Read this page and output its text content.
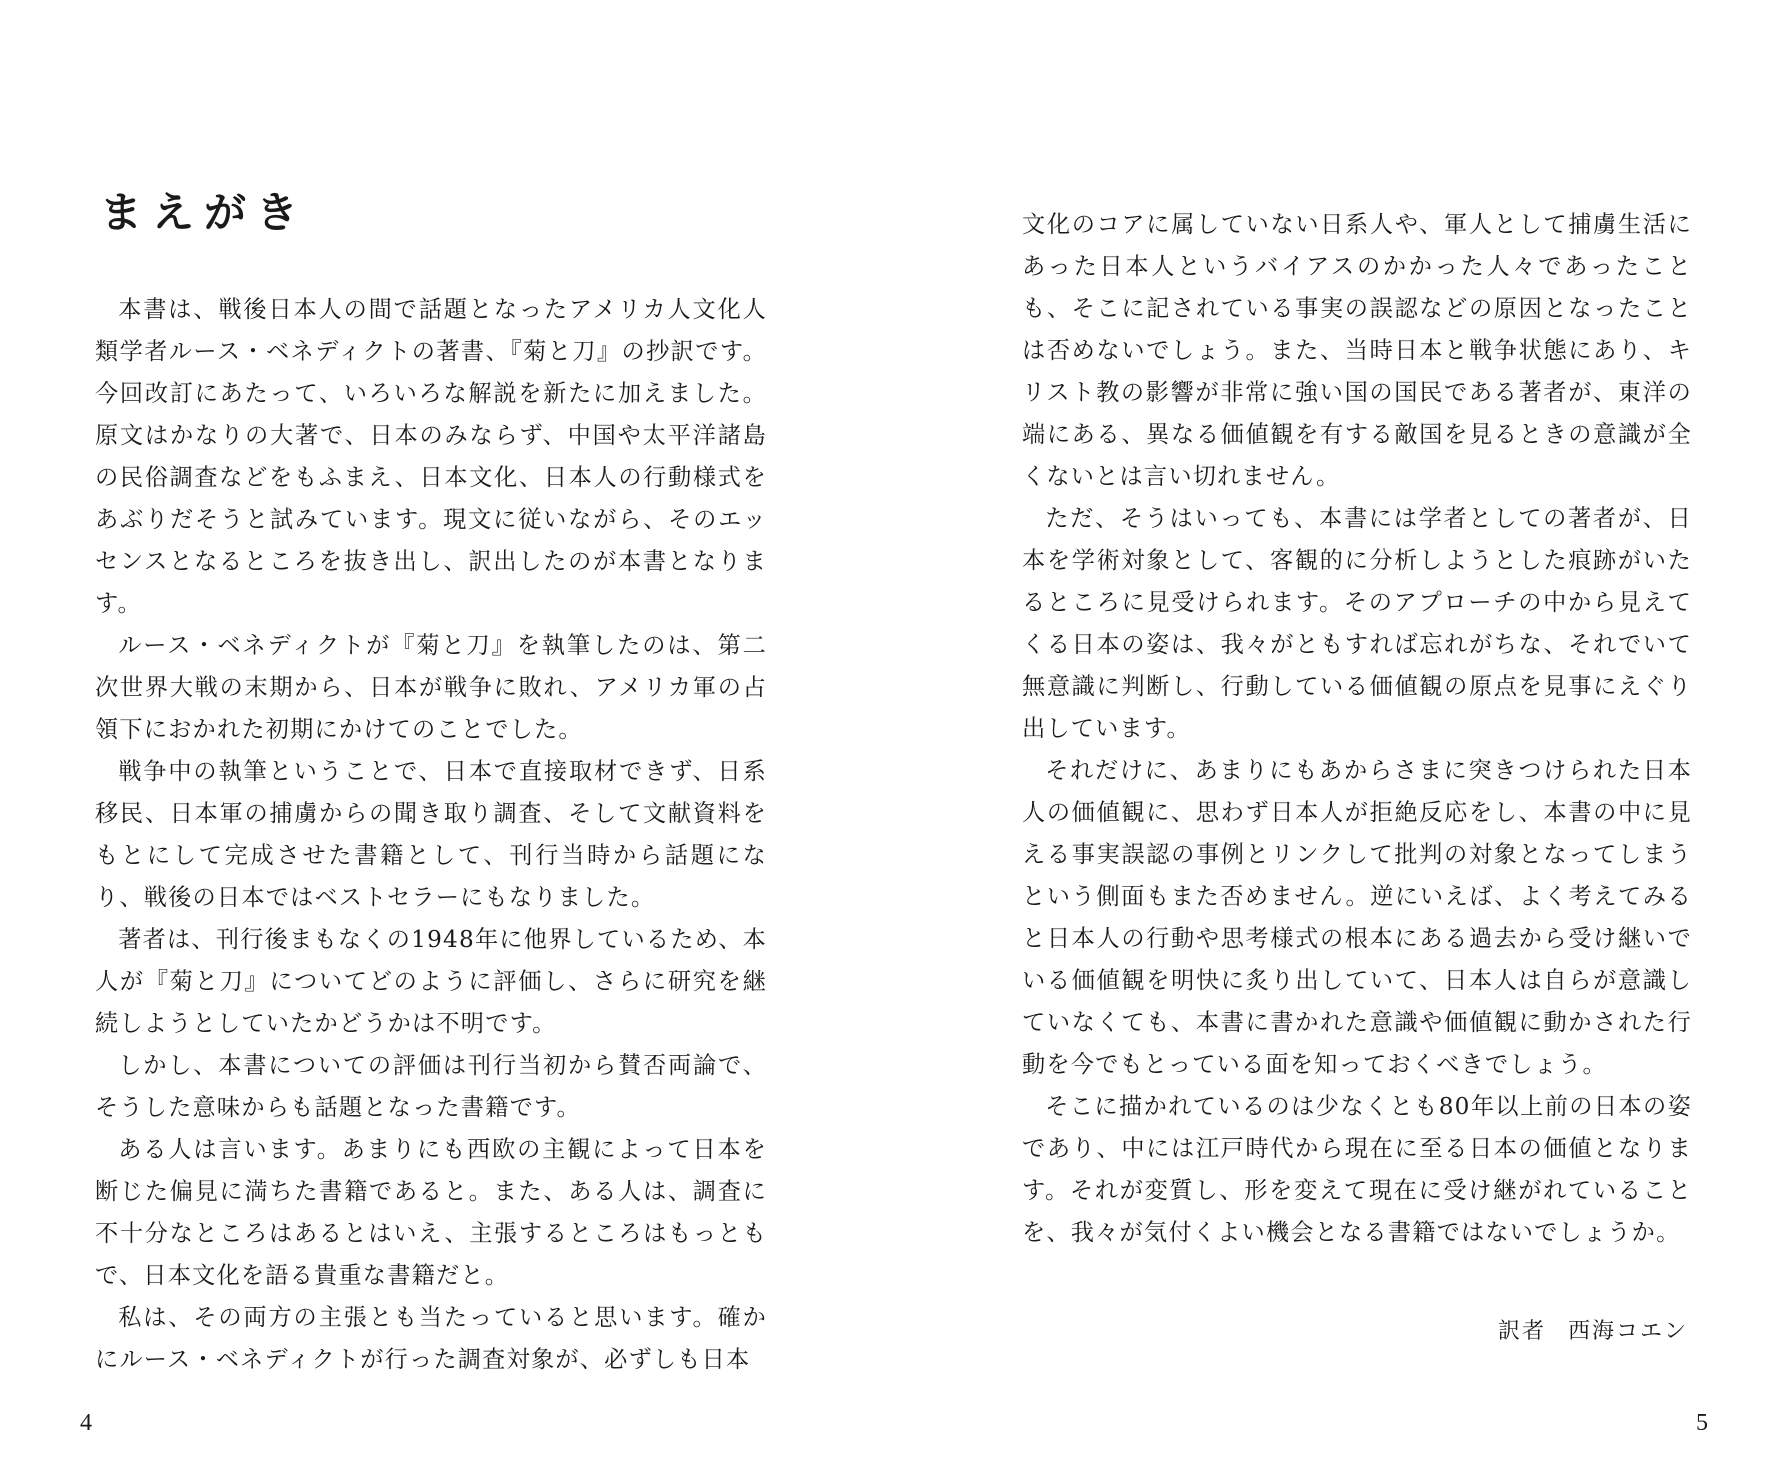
まえがき

本書は、戦後日本人の間で話題となったアメリカ人文化人類学者ルース・ベネディクトの著書、『菊と刀』の抄訳です。今回改訂にあたって、いろいろな解説を新たに加えました。原文はかなりの大著で、日本のみならず、中国や太平洋諸島の民俗調査などをもふまえ、日本文化、日本人の行動様式をあぶりだそうと試みています。現文に従いながら、そのエッセンスとなるところを抜き出し、訳出したのが本書となります。

ルース・ベネディクトが『菊と刀』を執筆したのは、第二次世界大戦の末期から、日本が戦争に敗れ、アメリカ軍の占領下におかれた初期にかけてのことでした。

戦争中の執筆ということで、日本で直接取材できず、日系移民、日本軍の捕虜からの聞き取り調査、そして文献資料をもとにして完成させた書籍として、刊行当時から話題になり、戦後の日本ではベストセラーにもなりました。

著者は、刊行後まもなくの1948年に他界しているため、本人が『菊と刀』についてどのように評価し、さらに研究を継続しようとしていたかどうかは不明です。

しかし、本書についての評価は刊行当初から賛否両論で、そうした意味からも話題となった書籍です。

ある人は言います。あまりにも西欧の主観によって日本を断じた偏見に満ちた書籍であると。また、ある人は、調査に不十分なところはあるとはいえ、主張するところはもっともで、日本文化を語る貴重な書籍だと。

私は、その両方の主張とも当たっていると思います。確かにルース・ベネディクトが行った調査対象が、必ずしも日本

4

文化のコアに属していない日系人や、軍人として捕虜生活にあった日本人というバイアスのかかった人々であったことも、そこに記されている事実の誤認などの原因となったことは否めないでしょう。また、当時日本と戦争状態にあり、キリスト教の影響が非常に強い国の国民である著者が、東洋の端にある、異なる価値観を有する敵国を見るときの意識が全くないとは言い切れません。

ただ、そうはいっても、本書には学者としての著者が、日本を学術対象として、客観的に分析しようとした痕跡がいたるところに見受けられます。そのアプローチの中から見えてくる日本の姿は、我々がともすれば忘れがちな、それでいて無意識に判断し、行動している価値観の原点を見事にえぐり出しています。

それだけに、あまりにもあからさまに突きつけられた日本人の価値観に、思わず日本人が拒絶反応をし、本書の中に見える事実誤認の事例とリンクして批判の対象となってしまうという側面もまた否めません。逆にいえば、よく考えてみると日本人の行動や思考様式の根本にある過去から受け継いでいる価値観を明快に炙り出していて、日本人は自らが意識していなくても、本書に書かれた意識や価値観に動かされた行動を今でもとっている面を知っておくべきでしょう。

そこに描かれているのは少なくとも80年以上前の日本の姿であり、中には江戸時代から現在に至る日本の価値となります。それが変質し、形を変えて現在に受け継がれていることを、我々が気付くよい機会となる書籍ではないでしょうか。

訳者 西海コエン
5
